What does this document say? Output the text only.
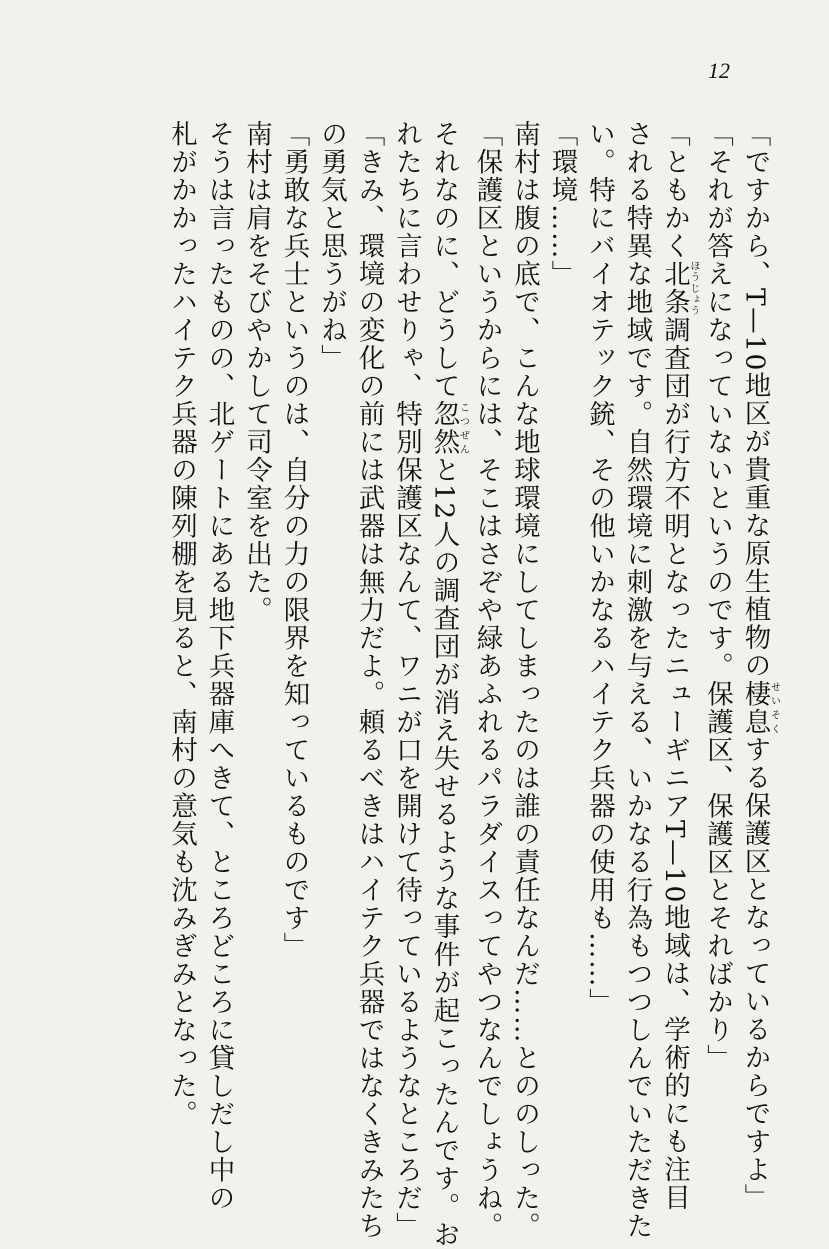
12
「ですから、T—10地区が貴重な原生植物の棲息せいそくする保護区となっているからですよ」
「それが答えになっていないというのです。保護区、保護区とそればかり」
「ともかく北条ほうじょう調査団が行方不明となったニューギニアT—10地域は、学術的にも注目
される特異な地域です。自然環境に刺激を与える、いかなる行為もつつしんでいただきた
い。特にバイオテック銃、その他いかなるハイテク兵器の使用も……」
「環境……」
南村は腹の底で、こんな地球環境にしてしまったのは誰の責任なんだ……とののしった。
「保護区というからには、そこはさぞや緑あふれるパラダイスってやつなんでしょうね。
それなのに、どうして忽然こつぜんと12人の調査団が消え失せるような事件が起こったんです。お
れたちに言わせりゃ、特別保護区なんて、ワニが口を開けて待っているようなところだ」
「きみ、環境の変化の前には武器は無力だよ。頼るべきはハイテク兵器ではなくきみたち
の勇気と思うがね」
「勇敢な兵士というのは、自分の力の限界を知っているものです」
南村は肩をそびやかして司令室を出た。
そうは言ったものの、北ゲートにある地下兵器庫へきて、ところどころに貸しだし中の
札がかかったハイテク兵器の陳列棚を見ると、南村の意気も沈みぎみとなった。
